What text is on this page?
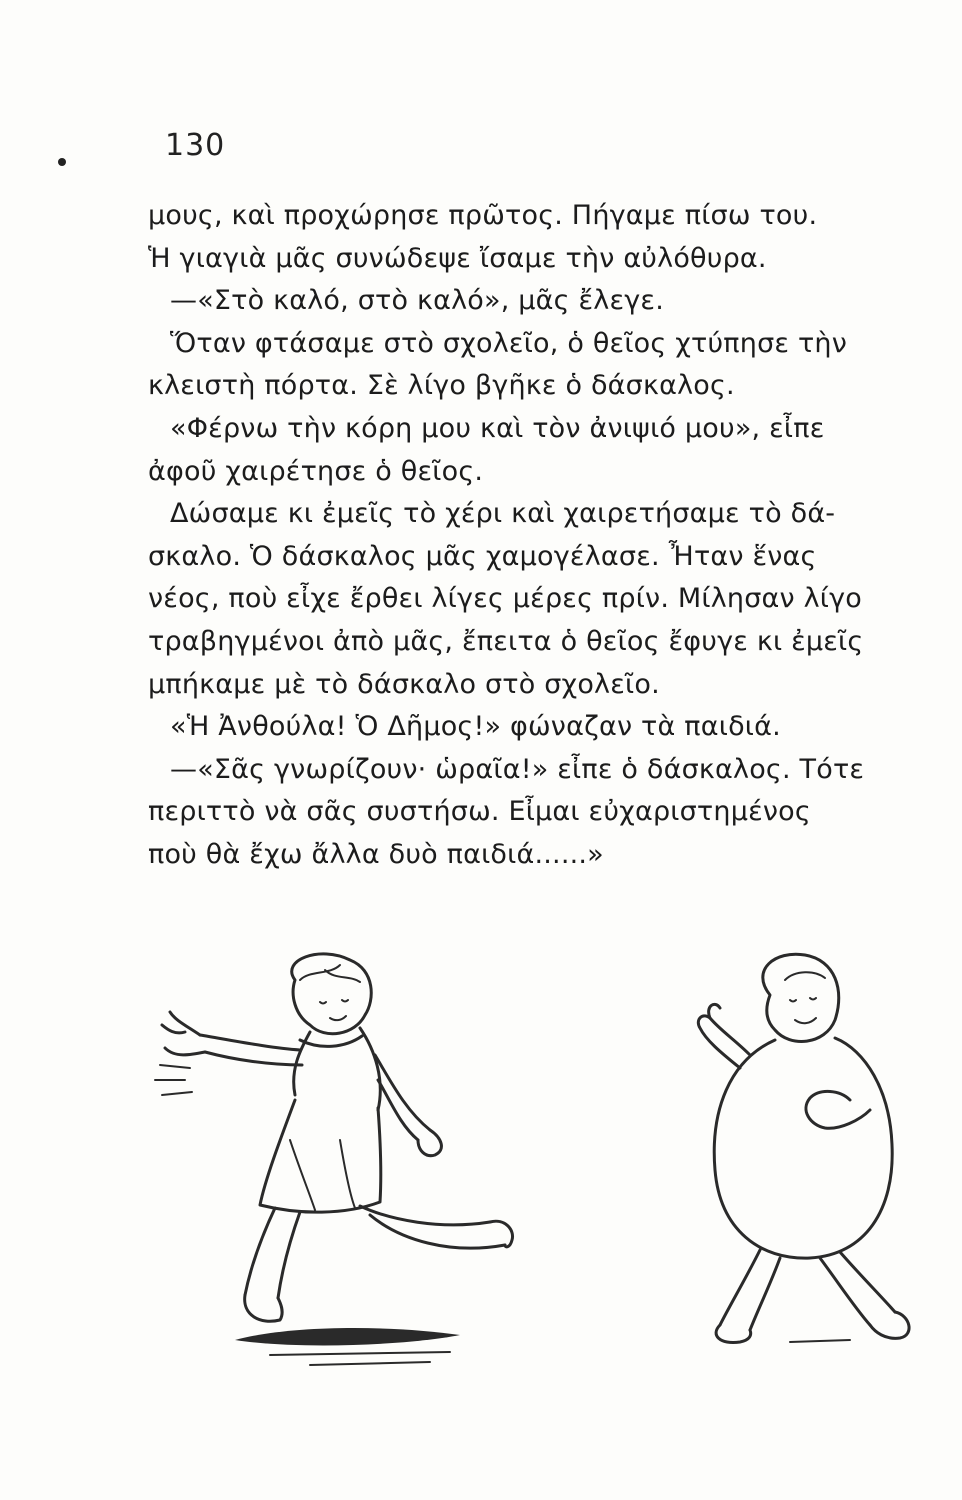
130
μους, καὶ προχώρησε πρῶτος. Πήγαμε πίσω του.
Ἡ γιαγιὰ μᾶς συνώδεψε ἴσαμε τὴν αὐλόθυρα.
—«Στὸ καλό, στὸ καλό», μᾶς ἔλεγε.
Ὅταν φτάσαμε στὸ σχολεῖο, ὁ θεῖος χτύπησε τὴν
κλειστὴ πόρτα. Σὲ λίγο βγῆκε ὁ δάσκαλος.
«Φέρνω τὴν κόρη μου καὶ τὸν ἀνιψιό μου», εἶπε
ἀφοῦ χαιρέτησε ὁ θεῖος.
Δώσαμε κι ἐμεῖς τὸ χέρι καὶ χαιρετήσαμε τὸ δά-
σκαλο. Ὁ δάσκαλος μᾶς χαμογέλασε. Ἦταν ἕνας
νέος, ποὺ εἶχε ἔρθει λίγες μέρες πρίν. Μίλησαν λίγο
τραβηγμένοι ἀπὸ μᾶς, ἔπειτα ὁ θεῖος ἔφυγε κι ἐμεῖς
μπήκαμε μὲ τὸ δάσκαλο στὸ σχολεῖο.
«Ἡ Ἀνθούλα! Ὁ Δῆμος!» φώναζαν τὰ παιδιά.
—«Σᾶς γνωρίζουν· ὡραῖα!» εἶπε ὁ δάσκαλος. Τότε
περιττὸ νὰ σᾶς συστήσω. Εἶμαι εὐχαριστημένος
ποὺ θὰ ἔχω ἄλλα δυὸ παιδιά......»
